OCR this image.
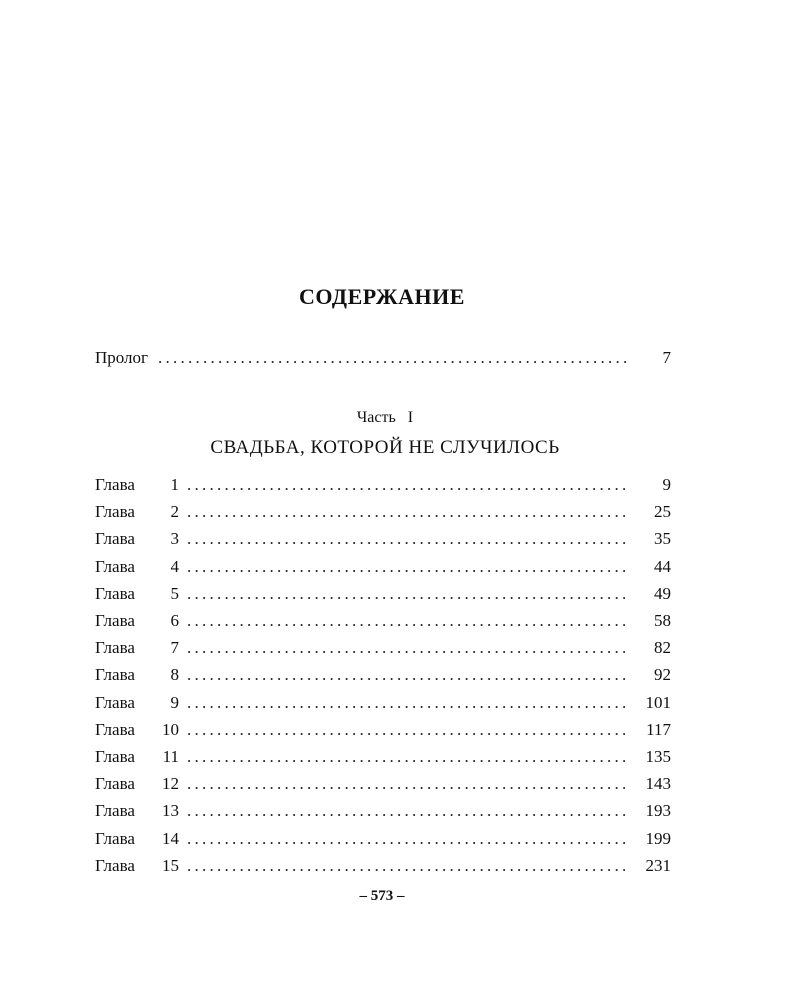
СОДЕРЖАНИЕ
Пролог . . .	7
Часть I
СВАДЬБА, КОТОРОЙ НЕ СЛУЧИЛОСЬ
Глава	1 . . .	9
Глава	2 . . .	25
Глава	3 . . .	35
Глава	4 . . .	44
Глава	5 . . .	49
Глава	6 . . .	58
Глава	7 . . .	82
Глава	8 . . .	92
Глава	9 . . .	101
Глава	10 . . .	117
Глава	11 . . .	135
Глава	12 . . .	143
Глава	13 . . .	193
Глава	14 . . .	199
Глава	15 . . .	231
– 573 –
